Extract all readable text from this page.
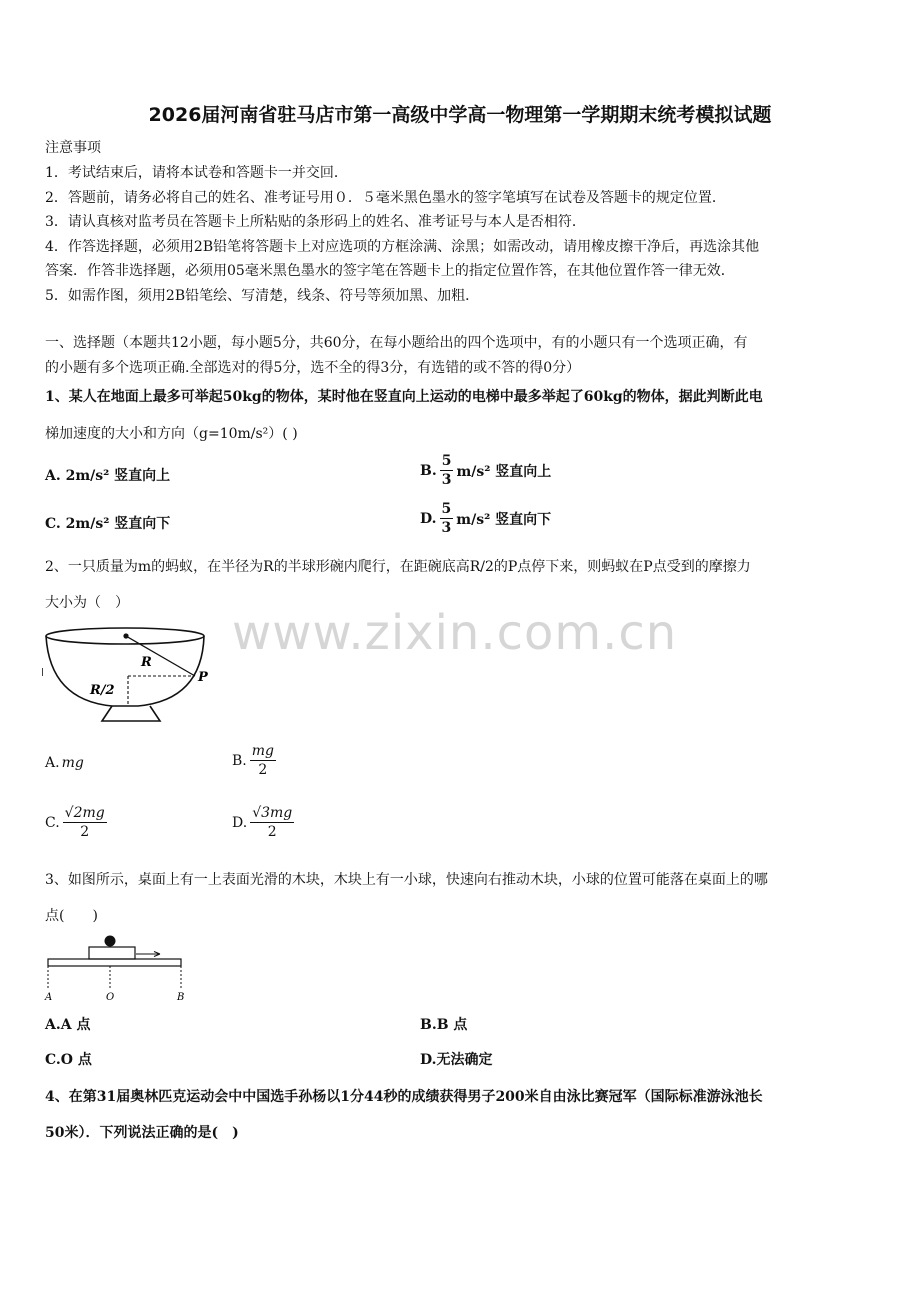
www.zixin.com.cn
2026届河南省驻马店市第一高级中学高一物理第一学期期末统考模拟试题
注意事项
1．考试结束后，请将本试卷和答题卡一并交回．
2．答题前，请务必将自己的姓名、准考证号用０．５毫米黑色墨水的签字笔填写在试卷及答题卡的规定位置．
3．请认真核对监考员在答题卡上所粘贴的条形码上的姓名、准考证号与本人是否相符．
4．作答选择题，必须用2B铅笔将答题卡上对应选项的方框涂满、涂黑；如需改动，请用橡皮擦干净后，再选涂其他
答案．作答非选择题，必须用05毫米黑色墨水的签字笔在答题卡上的指定位置作答，在其他位置作答一律无效．
5．如需作图，须用2B铅笔绘、写清楚，线条、符号等须加黑、加粗．
一、选择题（本题共12小题，每小题5分，共60分，在每小题给出的四个选项中，有的小题只有一个选项正确，有
的小题有多个选项正确.全部选对的得5分，选不全的得3分，有选错的或不答的得0分）
1、某人在地面上最多可举起50kg的物体，某时他在竖直向上运动的电梯中最多举起了60kg的物体，据此判断此电
梯加速度的大小和方向（g=10m/s²）( )
A. 2m/s² 竖直向上	B. $\frac{5}{3} m/s^2$ 竖直向上
C. 2m/s² 竖直向下	D. $\frac{5}{3} m/s^2$ 竖直向下
2、一只质量为m的蚂蚁，在半径为R的半球形碗内爬行，在距碗底高R/2的P点停下来，则蚂蚁在P点受到的摩擦力
大小为（　）
R
R/2
P
A. mg	B. $\frac{mg}{2}$
C. $\frac{√2mg}{2}$	D. $\frac{√3mg}{2}$
3、如图所示，桌面上有一上表面光滑的木块，木块上有一小球，快速向右推动木块，小球的位置可能落在桌面上的哪
点(　　)
A	O	B
A.A 点	B.B 点
C.O 点	D.无法确定
4、在第31届奥林匹克运动会中中国选手孙杨以1分44秒的成绩获得男子200米自由泳比赛冠军（国际标准游泳池长
50米）．下列说法正确的是(　)
